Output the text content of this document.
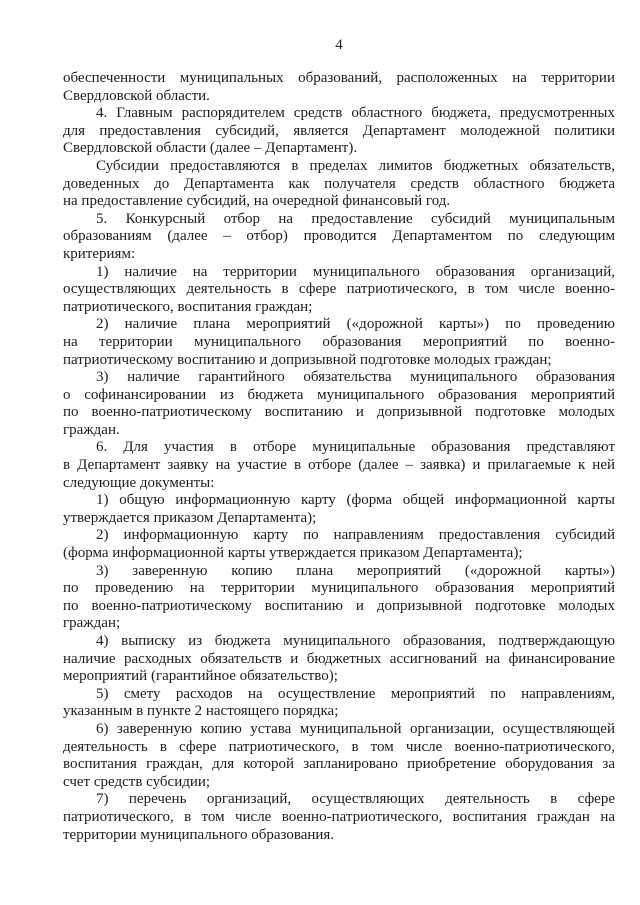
4
обеспеченности муниципальных образований, расположенных на территории
Свердловской области.
4. Главным распорядителем средств областного бюджета, предусмотренных
для предоставления субсидий, является Департамент молодежной политики
Свердловской области (далее – Департамент).
Субсидии предоставляются в пределах лимитов бюджетных обязательств,
доведенных до Департамента как получателя средств областного бюджета
на предоставление субсидий, на очередной финансовый год.
5. Конкурсный отбор на предоставление субсидий муниципальным
образованиям (далее – отбор) проводится Департаментом по следующим
критериям:
1) наличие на территории муниципального образования организаций,
осуществляющих деятельность в сфере патриотического, в том числе военно-
патриотического, воспитания граждан;
2) наличие плана мероприятий («дорожной карты») по проведению
на территории муниципального образования мероприятий по военно-
патриотическому воспитанию и допризывной подготовке молодых граждан;
3) наличие гарантийного обязательства муниципального образования
о софинансировании из бюджета муниципального образования мероприятий
по военно-патриотическому воспитанию и допризывной подготовке молодых
граждан.
6. Для участия в отборе муниципальные образования представляют
в Департамент заявку на участие в отборе (далее – заявка) и прилагаемые к ней
следующие документы:
1) общую информационную карту (форма общей информационной карты
утверждается приказом Департамента);
2) информационную карту по направлениям предоставления субсидий
(форма информационной карты утверждается приказом Департамента);
3) заверенную копию плана мероприятий («дорожной карты»)
по проведению на территории муниципального образования мероприятий
по военно-патриотическому воспитанию и допризывной подготовке молодых
граждан;
4) выписку из бюджета муниципального образования, подтверждающую
наличие расходных обязательств и бюджетных ассигнований на финансирование
мероприятий (гарантийное обязательство);
5) смету расходов на осуществление мероприятий по направлениям,
указанным в пункте 2 настоящего порядка;
6) заверенную копию устава муниципальной организации, осуществляющей
деятельность в сфере патриотического, в том числе военно-патриотического,
воспитания граждан, для которой запланировано приобретение оборудования за
счет средств субсидии;
7) перечень организаций, осуществляющих деятельность в сфере
патриотического, в том числе военно-патриотического, воспитания граждан на
территории муниципального образования.
